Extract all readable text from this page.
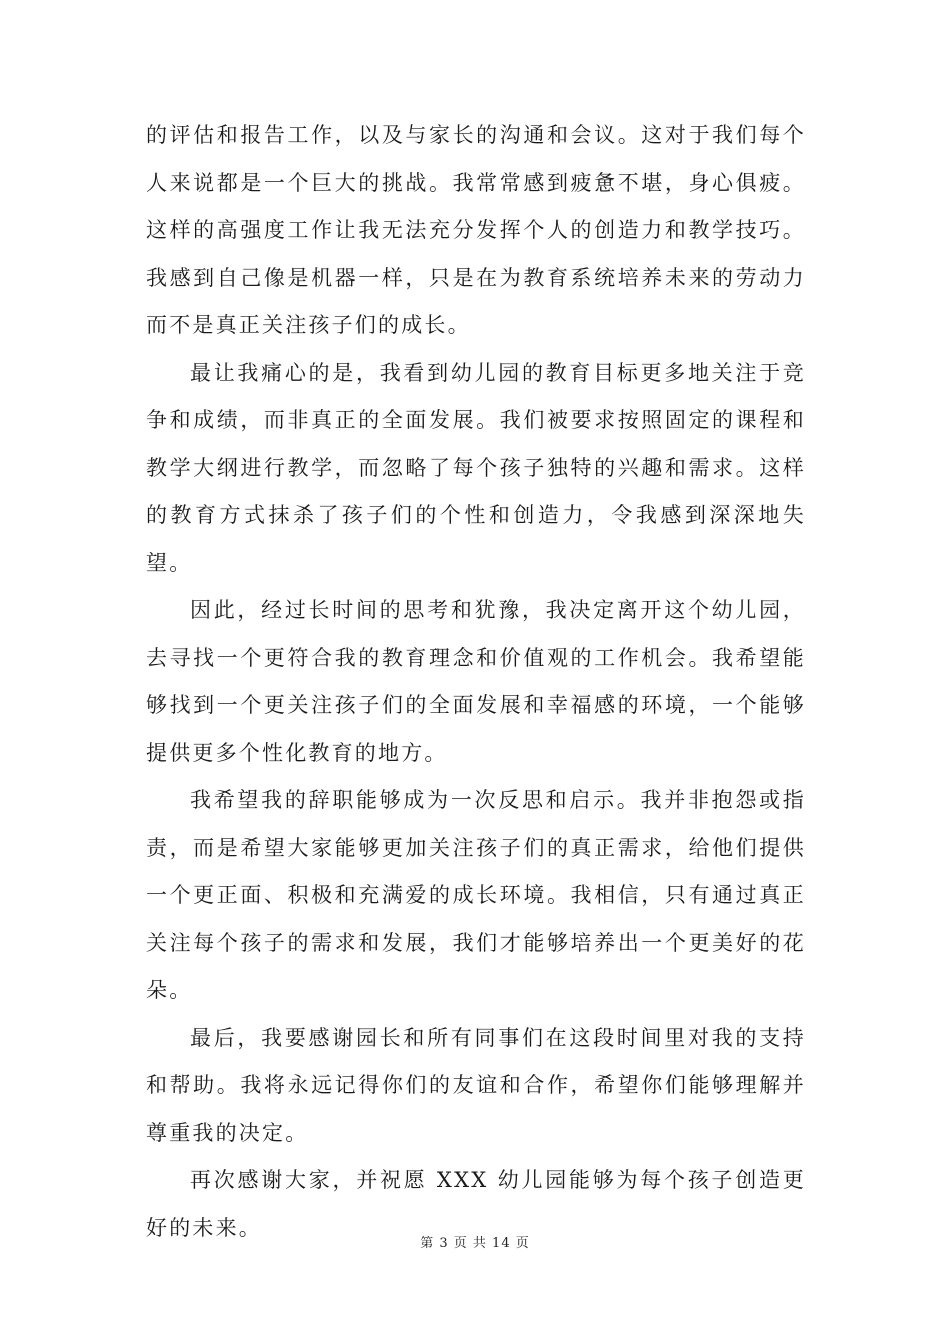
的评估和报告工作，以及与家长的沟通和会议。这对于我们每个人来说都是一个巨大的挑战。我常常感到疲惫不堪，身心俱疲。这样的高强度工作让我无法充分发挥个人的创造力和教学技巧。我感到自己像是机器一样，只是在为教育系统培养未来的劳动力而不是真正关注孩子们的成长。

最让我痛心的是，我看到幼儿园的教育目标更多地关注于竞争和成绩，而非真正的全面发展。我们被要求按照固定的课程和教学大纲进行教学，而忽略了每个孩子独特的兴趣和需求。这样的教育方式抹杀了孩子们的个性和创造力，令我感到深深地失望。

因此，经过长时间的思考和犹豫，我决定离开这个幼儿园，去寻找一个更符合我的教育理念和价值观的工作机会。我希望能够找到一个更关注孩子们的全面发展和幸福感的环境，一个能够提供更多个性化教育的地方。

我希望我的辞职能够成为一次反思和启示。我并非抱怨或指责，而是希望大家能够更加关注孩子们的真正需求，给他们提供一个更正面、积极和充满爱的成长环境。我相信，只有通过真正关注每个孩子的需求和发展，我们才能够培养出一个更美好的花朵。

最后，我要感谢园长和所有同事们在这段时间里对我的支持和帮助。我将永远记得你们的友谊和合作，希望你们能够理解并尊重我的决定。

再次感谢大家，并祝愿 XXX 幼儿园能够为每个孩子创造更好的未来。

第 3 页 共 14 页
